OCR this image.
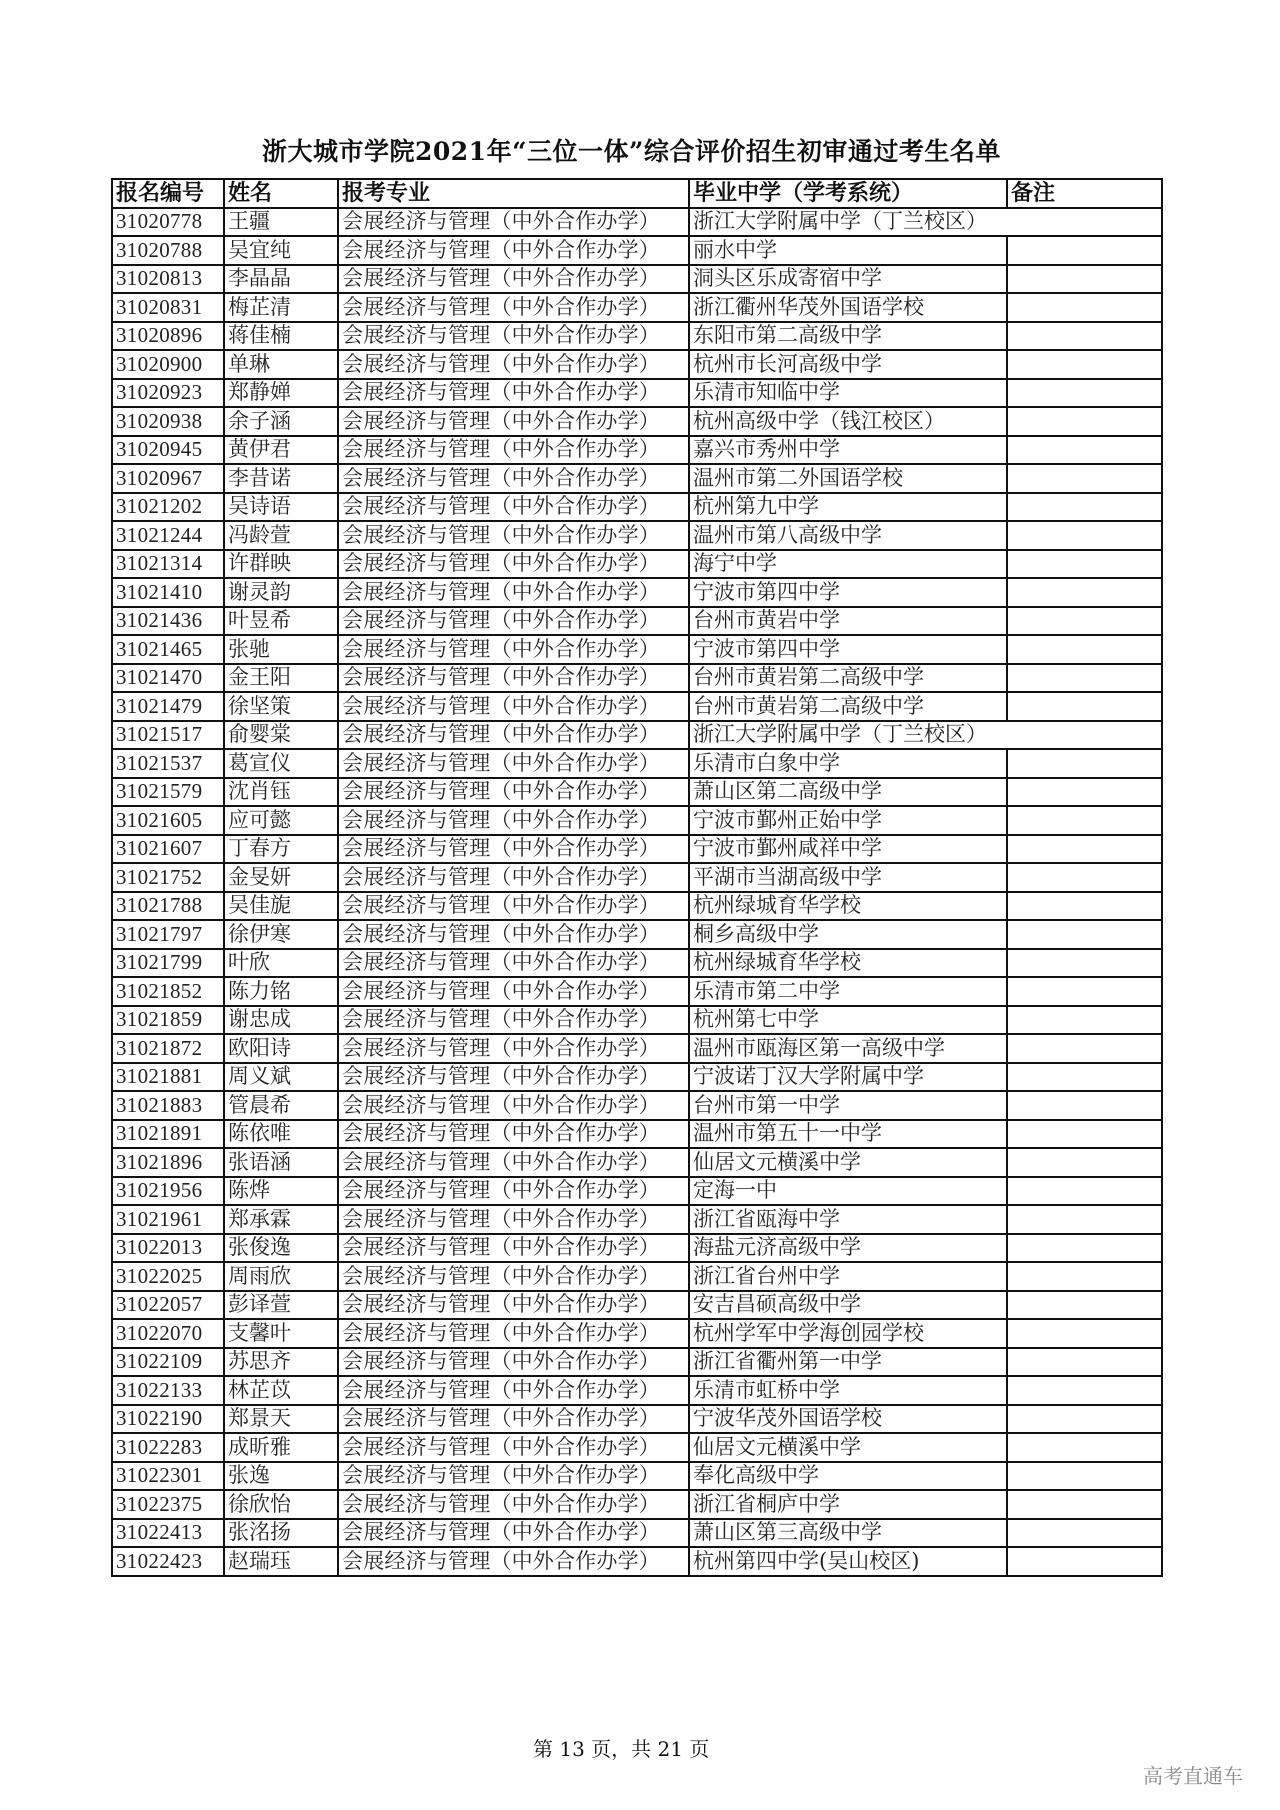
浙大城市学院2021年“三位一体”综合评价招生初审通过考生名单
报名编号	姓名	报考专业	毕业中学（学考系统）	备注
31020778	王疆	会展经济与管理（中外合作办学）	浙江大学附属中学（丁兰校区）	
31020788	吴宜纯	会展经济与管理（中外合作办学）	丽水中学	
31020813	李晶晶	会展经济与管理（中外合作办学）	洞头区乐成寄宿中学	
31020831	梅芷清	会展经济与管理（中外合作办学）	浙江衢州华茂外国语学校	
31020896	蒋佳楠	会展经济与管理（中外合作办学）	东阳市第二高级中学	
31020900	单琳	会展经济与管理（中外合作办学）	杭州市长河高级中学	
31020923	郑静婵	会展经济与管理（中外合作办学）	乐清市知临中学	
31020938	余子涵	会展经济与管理（中外合作办学）	杭州高级中学（钱江校区）	
31020945	黄伊君	会展经济与管理（中外合作办学）	嘉兴市秀州中学	
31020967	李昔诺	会展经济与管理（中外合作办学）	温州市第二外国语学校	
31021202	吴诗语	会展经济与管理（中外合作办学）	杭州第九中学	
31021244	冯龄萱	会展经济与管理（中外合作办学）	温州市第八高级中学	
31021314	许群映	会展经济与管理（中外合作办学）	海宁中学	
31021410	谢灵韵	会展经济与管理（中外合作办学）	宁波市第四中学	
31021436	叶昱希	会展经济与管理（中外合作办学）	台州市黄岩中学	
31021465	张驰	会展经济与管理（中外合作办学）	宁波市第四中学	
31021470	金王阳	会展经济与管理（中外合作办学）	台州市黄岩第二高级中学	
31021479	徐坚策	会展经济与管理（中外合作办学）	台州市黄岩第二高级中学	
31021517	俞婴棠	会展经济与管理（中外合作办学）	浙江大学附属中学（丁兰校区）	
31021537	葛宣仪	会展经济与管理（中外合作办学）	乐清市白象中学	
31021579	沈肖钰	会展经济与管理（中外合作办学）	萧山区第二高级中学	
31021605	应可懿	会展经济与管理（中外合作办学）	宁波市鄞州正始中学	
31021607	丁春方	会展经济与管理（中外合作办学）	宁波市鄞州咸祥中学	
31021752	金旻妍	会展经济与管理（中外合作办学）	平湖市当湖高级中学	
31021788	吴佳旎	会展经济与管理（中外合作办学）	杭州绿城育华学校	
31021797	徐伊寒	会展经济与管理（中外合作办学）	桐乡高级中学	
31021799	叶欣	会展经济与管理（中外合作办学）	杭州绿城育华学校	
31021852	陈力铭	会展经济与管理（中外合作办学）	乐清市第二中学	
31021859	谢忠成	会展经济与管理（中外合作办学）	杭州第七中学	
31021872	欧阳诗	会展经济与管理（中外合作办学）	温州市瓯海区第一高级中学	
31021881	周义斌	会展经济与管理（中外合作办学）	宁波诺丁汉大学附属中学	
31021883	管晨希	会展经济与管理（中外合作办学）	台州市第一中学	
31021891	陈依唯	会展经济与管理（中外合作办学）	温州市第五十一中学	
31021896	张语涵	会展经济与管理（中外合作办学）	仙居文元横溪中学	
31021956	陈烨	会展经济与管理（中外合作办学）	定海一中	
31021961	郑承霖	会展经济与管理（中外合作办学）	浙江省瓯海中学	
31022013	张俊逸	会展经济与管理（中外合作办学）	海盐元济高级中学	
31022025	周雨欣	会展经济与管理（中外合作办学）	浙江省台州中学	
31022057	彭译萱	会展经济与管理（中外合作办学）	安吉昌硕高级中学	
31022070	支馨叶	会展经济与管理（中外合作办学）	杭州学军中学海创园学校	
31022109	苏思齐	会展经济与管理（中外合作办学）	浙江省衢州第一中学	
31022133	林芷苡	会展经济与管理（中外合作办学）	乐清市虹桥中学	
31022190	郑景天	会展经济与管理（中外合作办学）	宁波华茂外国语学校	
31022283	成昕雅	会展经济与管理（中外合作办学）	仙居文元横溪中学	
31022301	张逸	会展经济与管理（中外合作办学）	奉化高级中学	
31022375	徐欣怡	会展经济与管理（中外合作办学）	浙江省桐庐中学	
31022413	张洺扬	会展经济与管理（中外合作办学）	萧山区第三高级中学	
31022423	赵瑞珏	会展经济与管理（中外合作办学）	杭州第四中学(吴山校区)	
第 13 页，共 21 页
高考直通车
